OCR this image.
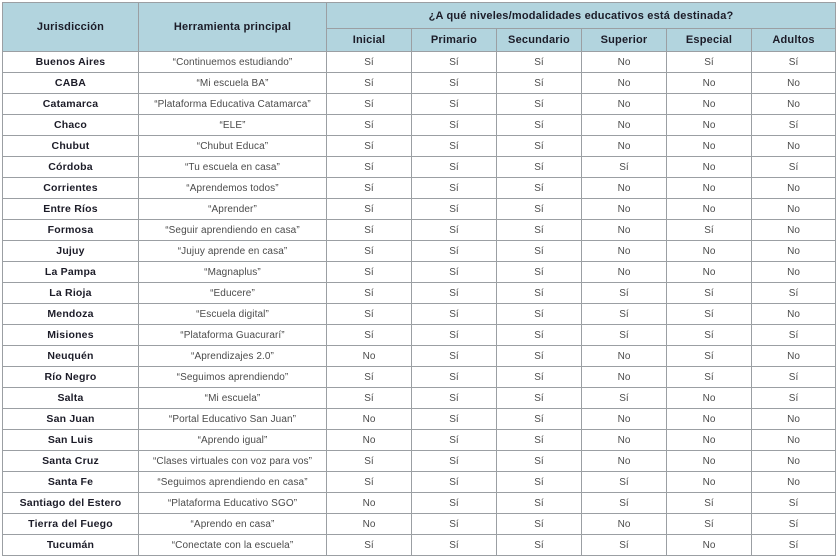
Jurisdicción	Herramienta principal	¿A qué niveles/modalidades educativos está destinada?					
		Inicial	Primario	Secundario	Superior	Especial	Adultos
Buenos Aires	“Continuemos estudiando”	Sí	Sí	Sí	No	Sí	Sí
CABA	“Mi escuela BA”	Sí	Sí	Sí	No	No	No
Catamarca	“Plataforma Educativa Catamarca”	Sí	Sí	Sí	No	No	No
Chaco	“ELE”	Sí	Sí	Sí	No	No	Sí
Chubut	“Chubut Educa”	Sí	Sí	Sí	No	No	No
Córdoba	“Tu escuela en casa”	Sí	Sí	Sí	Sí	No	Sí
Corrientes	“Aprendemos todos”	Sí	Sí	Sí	No	No	No
Entre Ríos	“Aprender”	Sí	Sí	Sí	No	No	No
Formosa	“Seguir aprendiendo en casa”	Sí	Sí	Sí	No	Sí	No
Jujuy	“Jujuy aprende en casa”	Sí	Sí	Sí	No	No	No
La Pampa	“Magnaplus”	Sí	Sí	Sí	No	No	No
La Rioja	“Educere”	Sí	Sí	Sí	Sí	Sí	Sí
Mendoza	“Escuela digital”	Sí	Sí	Sí	Sí	Sí	No
Misiones	“Plataforma Guacurarí”	Sí	Sí	Sí	Sí	Sí	Sí
Neuquén	“Aprendizajes 2.0”	No	Sí	Sí	No	Sí	No
Río Negro	“Seguimos aprendiendo”	Sí	Sí	Sí	No	Sí	Sí
Salta	“Mi escuela”	Sí	Sí	Sí	Sí	No	Sí
San Juan	“Portal Educativo San Juan”	No	Sí	Sí	No	No	No
San Luis	“Aprendo igual”	No	Sí	Sí	No	No	No
Santa Cruz	“Clases virtuales con voz para vos”	Sí	Sí	Sí	No	No	No
Santa Fe	“Seguimos aprendiendo en casa”	Sí	Sí	Sí	Sí	No	No
Santiago del Estero	“Plataforma Educativo SGO”	No	Sí	Sí	Sí	Sí	Sí
Tierra del Fuego	“Aprendo en casa”	No	Sí	Sí	No	Sí	Sí
Tucumán	“Conectate con la escuela”	Sí	Sí	Sí	Sí	No	Sí
